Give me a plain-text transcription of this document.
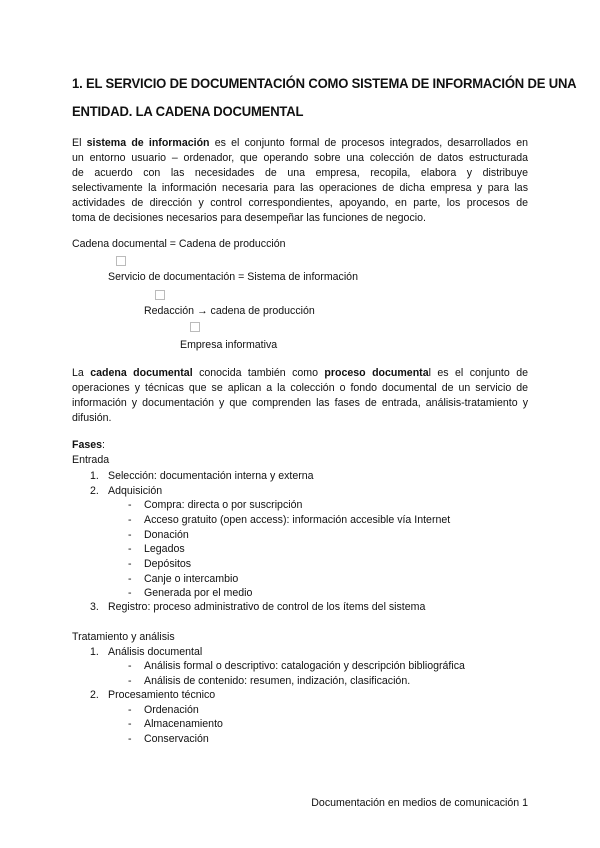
1. EL SERVICIO DE DOCUMENTACIÓN COMO SISTEMA DE INFORMACIÓN DE UNA
ENTIDAD. LA CADENA DOCUMENTAL
El sistema de información es el conjunto formal de procesos integrados, desarrollados en
un entorno usuario – ordenador, que operando sobre una colección de datos estructurada
de acuerdo con las necesidades de una empresa, recopila, elabora y distribuye
selectivamente la información necesaria para las operaciones de dicha empresa y para las
actividades de dirección y control correspondientes, apoyando, en parte, los procesos de
toma de decisiones necesarios para desempeñar las funciones de negocio.
Cadena documental = Cadena de producción
Servicio de documentación = Sistema de información
Redacción → cadena de producción
Empresa informativa
La cadena documental conocida también como proceso documental es el conjunto de
operaciones y técnicas que se aplican a la colección o fondo documental de un servicio de
información y documentación y que comprenden las fases de entrada, análisis-tratamiento y
difusión.
Fases:
Entrada
1. Selección: documentación interna y externa
2. Adquisición
- Compra: directa o por suscripción
- Acceso gratuito (open access): información accesible vía Internet
- Donación
- Legados
- Depósitos
- Canje o intercambio
- Generada por el medio
3. Registro: proceso administrativo de control de los ítems del sistema
Tratamiento y análisis
1. Análisis documental
- Análisis formal o descriptivo: catalogación y descripción bibliográfica
- Análisis de contenido: resumen, indización, clasificación.
2. Procesamiento técnico
- Ordenación
- Almacenamiento
- Conservación
Documentación en medios de comunicación 1
